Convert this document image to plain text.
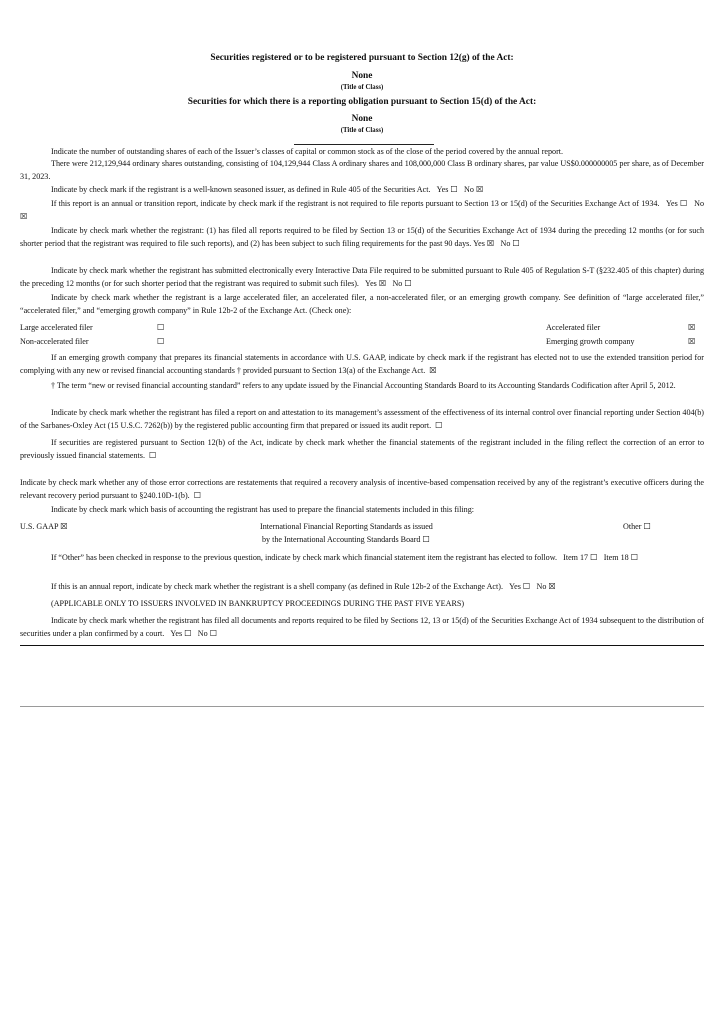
Securities registered or to be registered pursuant to Section 12(g) of the Act:
None
(Title of Class)
Securities for which there is a reporting obligation pursuant to Section 15(d) of the Act:
None
(Title of Class)
Indicate the number of outstanding shares of each of the Issuer’s classes of capital or common stock as of the close of the period covered by the annual report.
There were 212,129,944 ordinary shares outstanding, consisting of 104,129,944 Class A ordinary shares and 108,000,000 Class B ordinary shares, par value US$0.000000005 per share, as of December 31, 2023.
Indicate by check mark if the registrant is a well-known seasoned issuer, as defined in Rule 405 of the Securities Act. Yes ☐ No ☒
If this report is an annual or transition report, indicate by check mark if the registrant is not required to file reports pursuant to Section 13 or 15(d) of the Securities Exchange Act of 1934. Yes ☐ No ☒
Indicate by check mark whether the registrant: (1) has filed all reports required to be filed by Section 13 or 15(d) of the Securities Exchange Act of 1934 during the preceding 12 months (or for such shorter period that the registrant was required to file such reports), and (2) has been subject to such filing requirements for the past 90 days. Yes ☒ No ☐
Indicate by check mark whether the registrant has submitted electronically every Interactive Data File required to be submitted pursuant to Rule 405 of Regulation S-T (§232.405 of this chapter) during the preceding 12 months (or for such shorter period that the registrant was required to submit such files). Yes ☒ No ☐
Indicate by check mark whether the registrant is a large accelerated filer, an accelerated filer, a non-accelerated filer, or an emerging growth company. See definition of “large accelerated filer,” “accelerated filer,” and “emerging growth company” in Rule 12b-2 of the Exchange Act. (Check one):
Large accelerated filer	☐	Accelerated filer	☒
Non-accelerated filer	☐	Emerging growth company	☒
If an emerging growth company that prepares its financial statements in accordance with U.S. GAAP, indicate by check mark if the registrant has elected not to use the extended transition period for complying with any new or revised financial accounting standards † provided pursuant to Section 13(a) of the Exchange Act. ☒
† The term “new or revised financial accounting standard” refers to any update issued by the Financial Accounting Standards Board to its Accounting Standards Codification after April 5, 2012.
Indicate by check mark whether the registrant has filed a report on and attestation to its management’s assessment of the effectiveness of its internal control over financial reporting under Section 404(b) of the Sarbanes-Oxley Act (15 U.S.C. 7262(b)) by the registered public accounting firm that prepared or issued its audit report. ☐
If securities are registered pursuant to Section 12(b) of the Act, indicate by check mark whether the financial statements of the registrant included in the filing reflect the correction of an error to previously issued financial statements. ☐
Indicate by check mark whether any of those error corrections are restatements that required a recovery analysis of incentive-based compensation received by any of the registrant’s executive officers during the relevant recovery period pursuant to §240.10D-1(b). ☐
Indicate by check mark which basis of accounting the registrant has used to prepare the financial statements included in this filing:
U.S. GAAP ☒	International Financial Reporting Standards as issued	Other ☐
by the International Accounting Standards Board ☐
If “Other” has been checked in response to the previous question, indicate by check mark which financial statement item the registrant has elected to follow. Item 17 ☐ Item 18 ☐
If this is an annual report, indicate by check mark whether the registrant is a shell company (as defined in Rule 12b-2 of the Exchange Act). Yes ☐ No ☒
(APPLICABLE ONLY TO ISSUERS INVOLVED IN BANKRUPTCY PROCEEDINGS DURING THE PAST FIVE YEARS)
Indicate by check mark whether the registrant has filed all documents and reports required to be filed by Sections 12, 13 or 15(d) of the Securities Exchange Act of 1934 subsequent to the distribution of securities under a plan confirmed by a court. Yes ☐ No ☐
